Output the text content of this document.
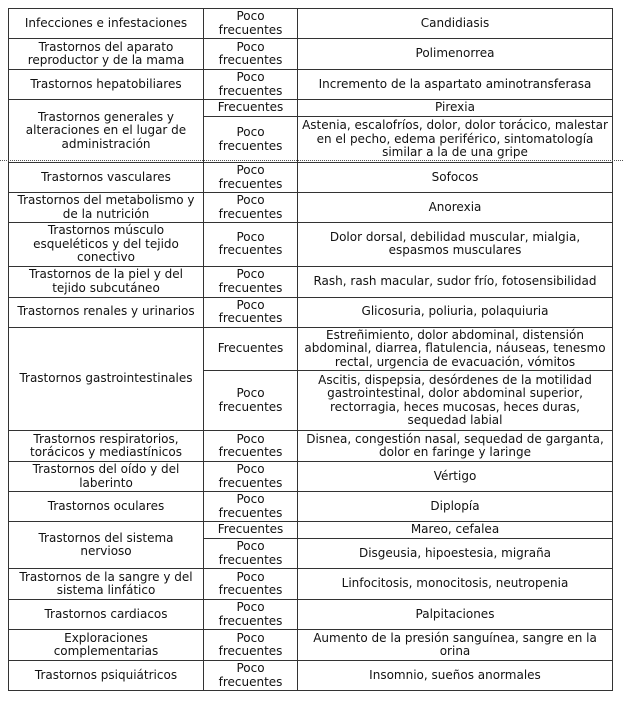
Infecciones e infestaciones	Poco frecuentes	Candidiasis
Trastornos del aparato reproductor y de la mama	Poco frecuentes	Polimenorrea
Trastornos hepatobiliares	Poco frecuentes	Incremento de la aspartato aminotransferasa
Trastornos generales y alteraciones en el lugar de administración	Frecuentes	Pirexia
	Poco frecuentes	Astenia, escalofríos, dolor, dolor torácico, malestar en el pecho, edema periférico, sintomatología similar a la de una gripe
Trastornos vasculares	Poco frecuentes	Sofocos
Trastornos del metabolismo y de la nutrición	Poco frecuentes	Anorexia
Trastornos músculo esqueléticos y del tejido conectivo	Poco frecuentes	Dolor dorsal, debilidad muscular, mialgia, espasmos musculares
Trastornos de la piel y del tejido subcutáneo	Poco frecuentes	Rash, rash macular, sudor frío, fotosensibilidad
Trastornos renales y urinarios	Poco frecuentes	Glicosuria, poliuria, polaquiuria
Trastornos gastrointestinales	Frecuentes	Estreñimiento, dolor abdominal, distensión abdominal, diarrea, flatulencia, náuseas, tenesmo rectal, urgencia de evacuación, vómitos
	Poco frecuentes	Ascitis, dispepsia, desórdenes de la motilidad gastrointestinal, dolor abdominal superior, rectorragia, heces mucosas, heces duras, sequedad labial
Trastornos respiratorios, torácicos y mediastínicos	Poco frecuentes	Disnea, congestión nasal, sequedad de garganta, dolor en faringe y laringe
Trastornos del oído y del laberinto	Poco frecuentes	Vértigo
Trastornos oculares	Poco frecuentes	Diplopía
Trastornos del sistema nervioso	Frecuentes	Mareo, cefalea
	Poco frecuentes	Disgeusia, hipoestesia, migraña
Trastornos de la sangre y del sistema linfático	Poco frecuentes	Linfocitosis, monocitosis, neutropenia
Trastornos cardiacos	Poco frecuentes	Palpitaciones
Exploraciones complementarias	Poco frecuentes	Aumento de la presión sanguínea, sangre en la orina
Trastornos psiquiátricos	Poco frecuentes	Insomnio, sueños anormales
